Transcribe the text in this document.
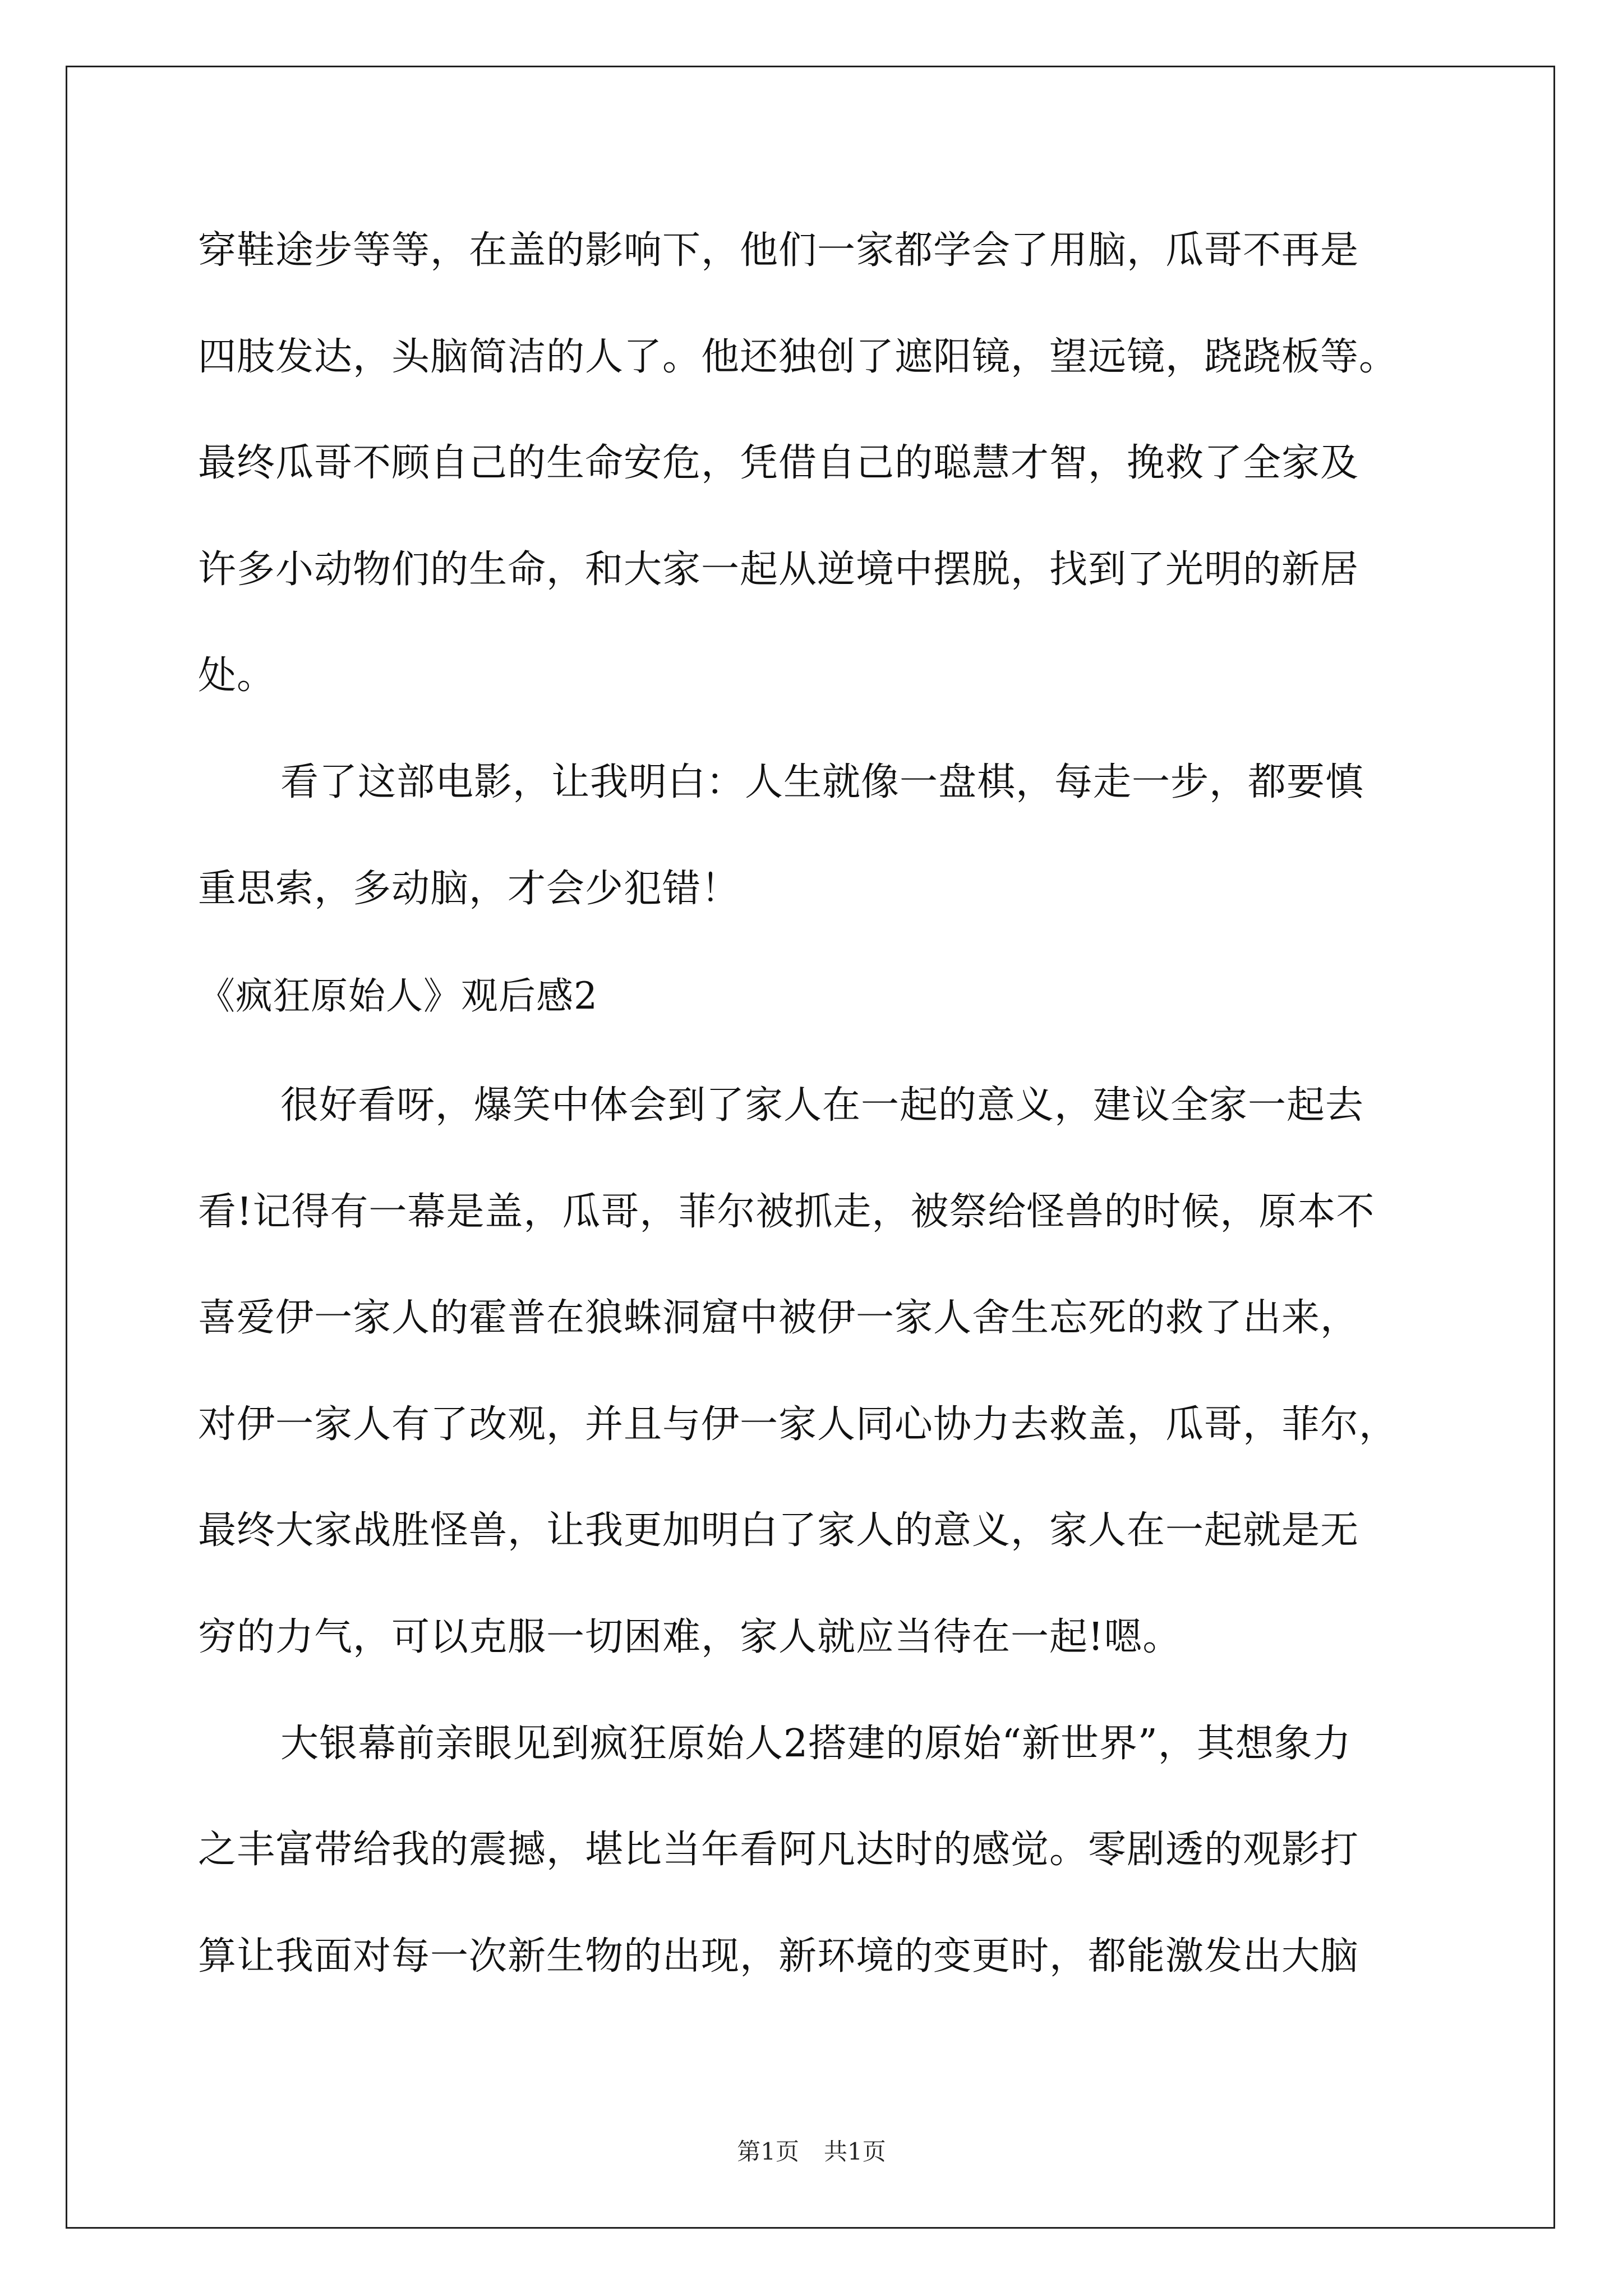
穿鞋途步等等，在盖的影响下，他们一家都学会了用脑，瓜哥不再是
四肢发达，头脑简洁的人了。他还独创了遮阳镜，望远镜，跷跷板等。
最终瓜哥不顾自己的生命安危，凭借自己的聪慧才智，挽救了全家及
许多小动物们的生命，和大家一起从逆境中摆脱，找到了光明的新居
处。
看了这部电影，让我明白：人生就像一盘棋，每走一步，都要慎
重思索，多动脑，才会少犯错！
《疯狂原始人》观后感2
很好看呀，爆笑中体会到了家人在一起的意义，建议全家一起去
看!记得有一幕是盖，瓜哥，菲尔被抓走，被祭给怪兽的时候，原本不
喜爱伊一家人的霍普在狼蛛洞窟中被伊一家人舍生忘死的救了出来，
对伊一家人有了改观，并且与伊一家人同心协力去救盖，瓜哥，菲尔，
最终大家战胜怪兽，让我更加明白了家人的意义，家人在一起就是无
穷的力气，可以克服一切困难，家人就应当待在一起!嗯。
大银幕前亲眼见到疯狂原始人2搭建的原始“新世界”，其想象力
之丰富带给我的震撼，堪比当年看阿凡达时的感觉。零剧透的观影打
算让我面对每一次新生物的出现，新环境的变更时，都能激发出大脑
第1页 共1页
